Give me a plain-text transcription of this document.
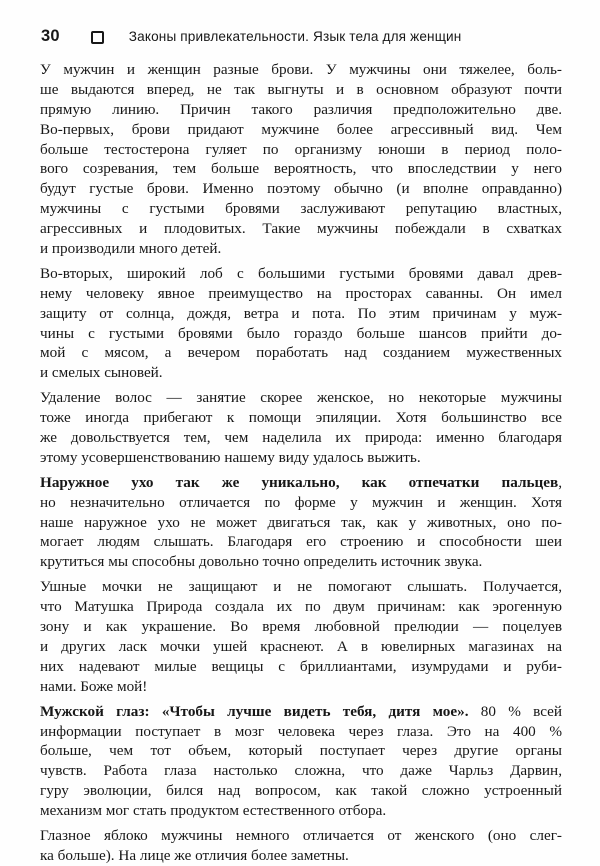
30	Законы привлекательности. Язык тела для женщин
У мужчин и женщин разные брови. У мужчины они тяжелее, боль-
ше выдаются вперед, не так выгнуты и в основном образуют почти
прямую линию. Причин такого различия предположительно две.
Во-первых, брови придают мужчине более агрессивный вид. Чем
больше тестостерона гуляет по организму юноши в период поло-
вого созревания, тем больше вероятность, что впоследствии у него
будут густые брови. Именно поэтому обычно (и вполне оправданно)
мужчины с густыми бровями заслуживают репутацию властных,
агрессивных и плодовитых. Такие мужчины побеждали в схватках
и производили много детей.
Во-вторых, широкий лоб с большими густыми бровями давал древ-
нему человеку явное преимущество на просторах саванны. Он имел
защиту от солнца, дождя, ветра и пота. По этим причинам у муж-
чины с густыми бровями было гораздо больше шансов прийти до-
мой с мясом, а вечером поработать над созданием мужественных
и смелых сыновей.
Удаление волос — занятие скорее женское, но некоторые мужчины
тоже иногда прибегают к помощи эпиляции. Хотя большинство все
же довольствуется тем, чем наделила их природа: именно благодаря
этому усовершенствованию нашему виду удалось выжить.
Наружное ухо так же уникально, как отпечатки пальцев,
но незначительно отличается по форме у мужчин и женщин. Хотя
наше наружное ухо не может двигаться так, как у животных, оно по-
могает людям слышать. Благодаря его строению и способности шеи
крутиться мы способны довольно точно определить источник звука.
Ушные мочки не защищают и не помогают слышать. Получается,
что Матушка Природа создала их по двум причинам: как эрогенную
зону и как украшение. Во время любовной прелюдии — поцелуев
и других ласк мочки ушей краснеют. А в ювелирных магазинах на
них надевают милые вещицы с бриллиантами, изумрудами и руби-
нами. Боже мой!
Мужской глаз: «Чтобы лучше видеть тебя, дитя мое». 80 % всей
информации поступает в мозг человека через глаза. Это на 400 %
больше, чем тот объем, который поступает через другие органы
чувств. Работа глаза настолько сложна, что даже Чарльз Дарвин,
гуру эволюции, бился над вопросом, как такой сложно устроенный
механизм мог стать продуктом естественного отбора.
Глазное яблоко мужчины немного отличается от женского (оно слег-
ка больше). На лице же отличия более заметны.
